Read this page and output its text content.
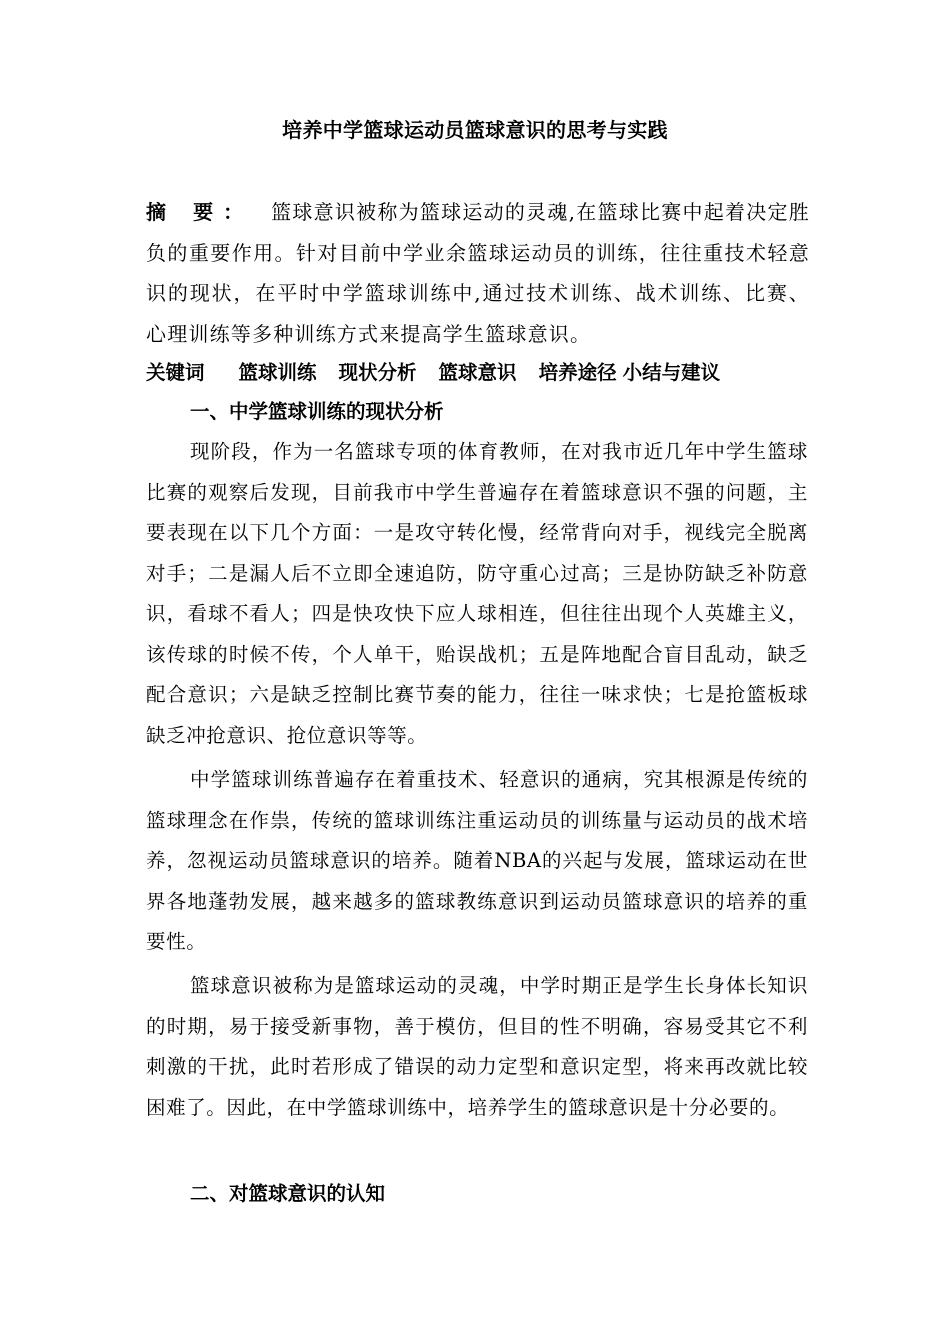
培养中学篮球运动员篮球意识的思考与实践
摘 要： 篮球意识被称为篮球运动的灵魂,在篮球比赛中起着决定胜负的重要作用。针对目前中学业余篮球运动员的训练，往往重技术轻意识的现状，在平时中学篮球训练中,通过技术训练、战术训练、比赛、心理训练等多种训练方式来提高学生篮球意识。
关键词 篮球训练 现状分析 篮球意识 培养途径 小结与建议
一、中学篮球训练的现状分析

现阶段，作为一名篮球专项的体育教师，在对我市近几年中学生篮球比赛的观察后发现，目前我市中学生普遍存在着篮球意识不强的问题，主要表现在以下几个方面：一是攻守转化慢，经常背向对手，视线完全脱离对手；二是漏人后不立即全速追防，防守重心过高；三是协防缺乏补防意识，看球不看人；四是快攻快下应人球相连，但往往出现个人英雄主义，该传球的时候不传，个人单干，贻误战机；五是阵地配合盲目乱动，缺乏配合意识；六是缺乏控制比赛节奏的能力，往往一味求快；七是抢篮板球缺乏冲抢意识、抢位意识等等。

中学篮球训练普遍存在着重技术、轻意识的通病，究其根源是传统的篮球理念在作祟，传统的篮球训练注重运动员的训练量与运动员的战术培养，忽视运动员篮球意识的培养。随着NBA的兴起与发展，篮球运动在世界各地蓬勃发展，越来越多的篮球教练意识到运动员篮球意识的培养的重要性。

篮球意识被称为是篮球运动的灵魂，中学时期正是学生长身体长知识的时期，易于接受新事物，善于模仿，但目的性不明确，容易受其它不利刺激的干扰，此时若形成了错误的动力定型和意识定型，将来再改就比较困难了。因此，在中学篮球训练中，培养学生的篮球意识是十分必要的。

二、对篮球意识的认知
